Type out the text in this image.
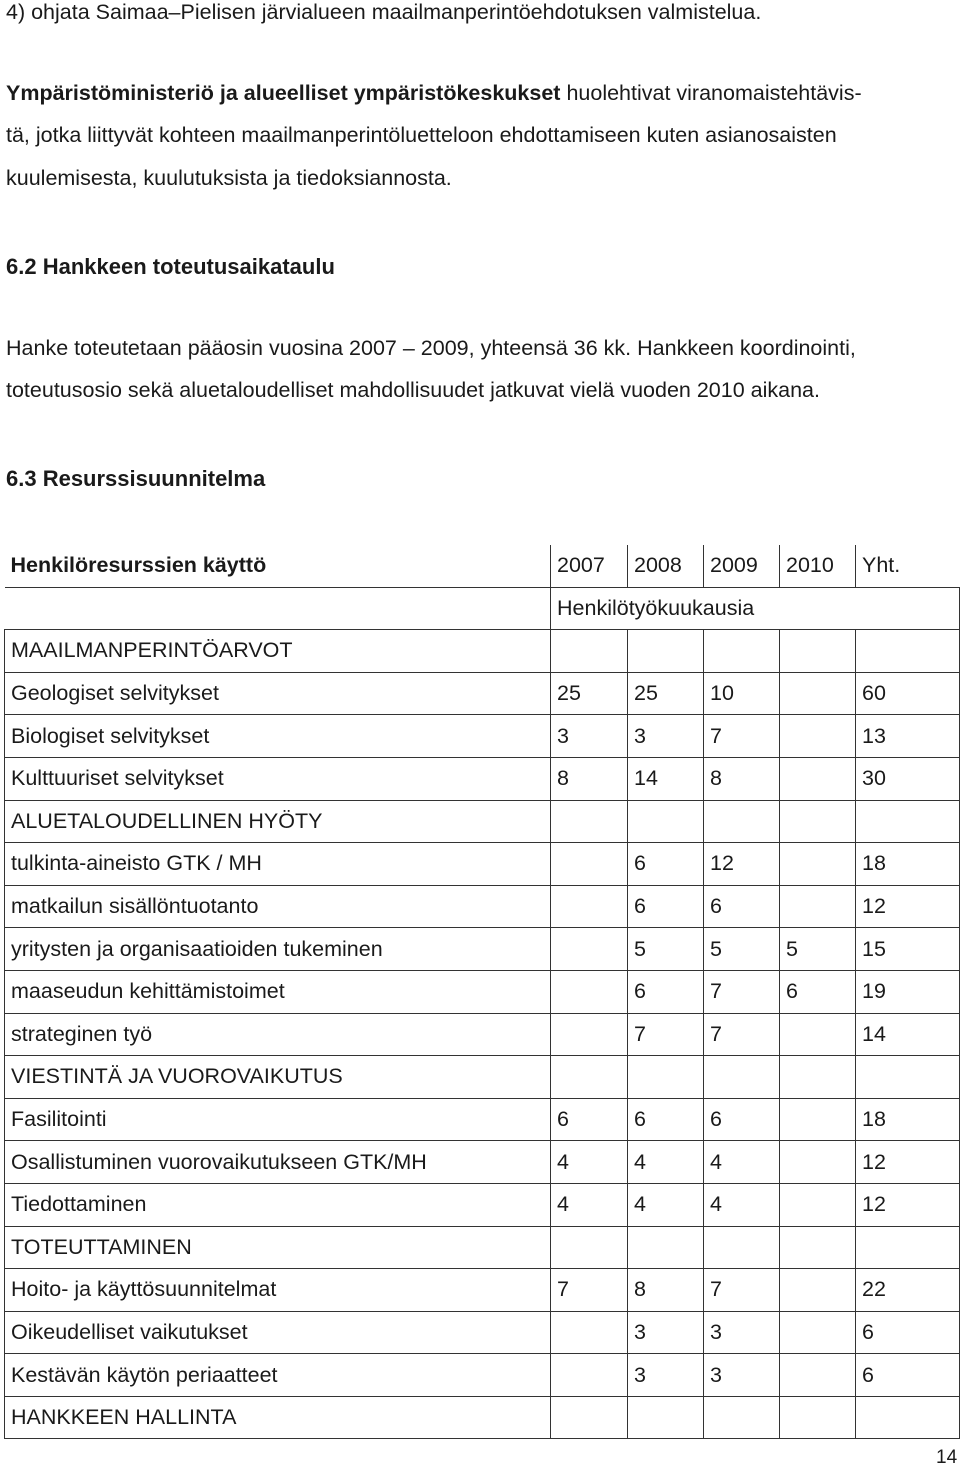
4) ohjata Saimaa–Pielisen järvialueen maailmanperintöehdotuksen valmistelua.
Ympäristöministeriö ja alueelliset ympäristökeskukset huolehtivat viranomaistehtävis-
tä, jotka liittyvät kohteen maailmanperintöluetteloon ehdottamiseen kuten asianosaisten
kuulemisesta, kuulutuksista ja tiedoksiannosta.
6.2 Hankkeen toteutusaikataulu
Hanke toteutetaan pääosin vuosina 2007 – 2009, yhteensä 36 kk. Hankkeen koordinointi,
toteutusosio sekä aluetaloudelliset mahdollisuudet jatkuvat vielä vuoden 2010 aikana.
6.3 Resurssisuunnitelma
Henkilöresurssien käyttö	2007	2008	2009	2010	Yht.
	Henkilötyökuukausia				
MAAILMANPERINTÖARVOT					
Geologiset selvitykset	25	25	10		60
Biologiset selvitykset	3	3	7		13
Kulttuuriset selvitykset	8	14	8		30
ALUETALOUDELLINEN HYÖTY					
tulkinta-aineisto GTK / MH		6	12		18
matkailun sisällöntuotanto		6	6		12
yritysten ja organisaatioiden tukeminen		5	5	5	15
maaseudun kehittämistoimet		6	7	6	19
strateginen työ		7	7		14
VIESTINTÄ JA VUOROVAIKUTUS					
Fasilitointi	6	6	6		18
Osallistuminen vuorovaikutukseen GTK/MH	4	4	4		12
Tiedottaminen	4	4	4		12
TOTEUTTAMINEN					
Hoito- ja käyttösuunnitelmat	7	8	7		22
Oikeudelliset vaikutukset		3	3		6
Kestävän käytön periaatteet		3	3		6
HANKKEEN HALLINTA					
14
